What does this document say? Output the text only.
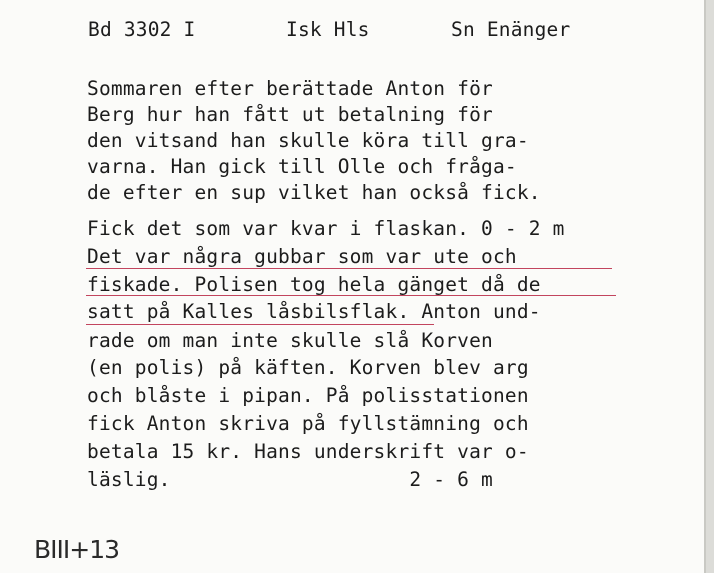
Bd 3302 I	Isk Hls	Sn Enänger
Sommaren efter berättade Anton för
Berg hur han fått ut betalning för
den vitsand han skulle köra till gra-
varna. Han gick till Olle och fråga-
de efter en sup vilket han också fick.
Fick det som var kvar i flaskan. 0 - 2 m
Det var några gubbar som var ute och
fiskade. Polisen tog hela gänget då de
satt på Kalles låsbilsflak. Anton und-
rade om man inte skulle slå Korven
(en polis) på käften. Korven blev arg
och blåste i pipan. På polisstationen
fick Anton skriva på fyllstämning och
betala 15 kr. Hans underskrift var o-
läslig.                    2 - 6 m
BIII+13
